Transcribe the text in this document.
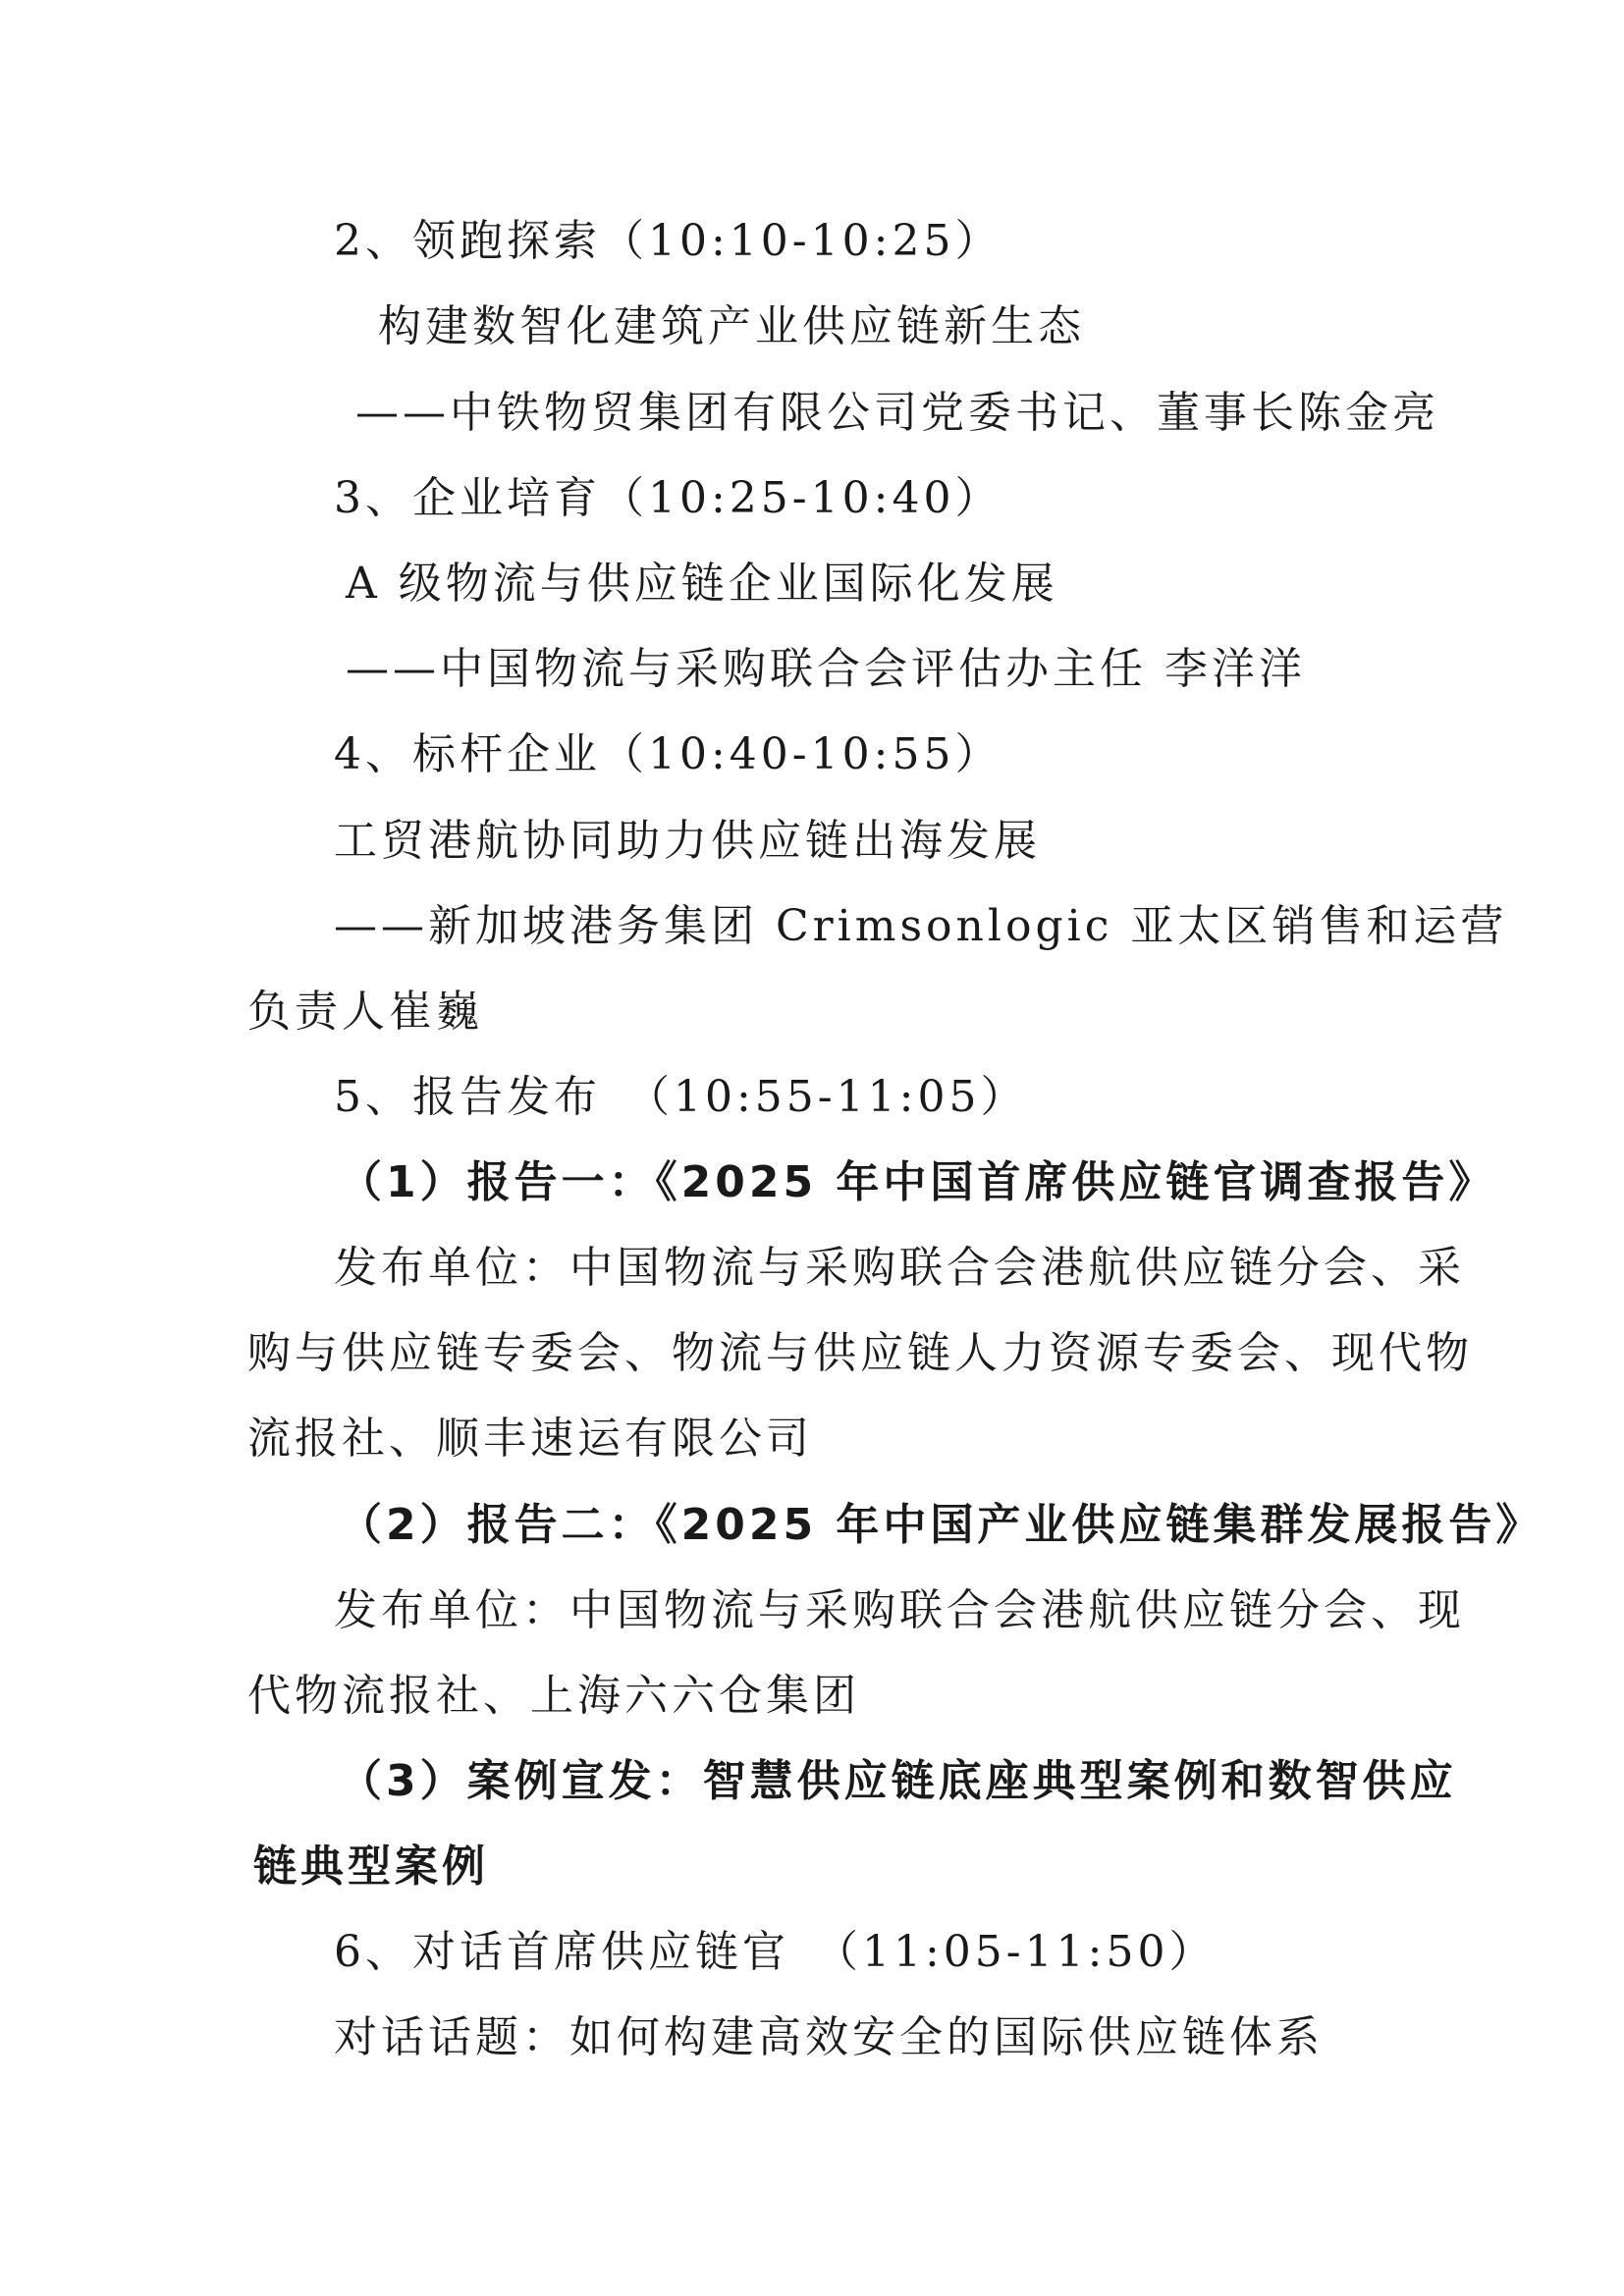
2、领跑探索（10:10-10:25）
构建数智化建筑产业供应链新生态
——中铁物贸集团有限公司党委书记、董事长陈金亮
3、企业培育（10:25-10:40）
A 级物流与供应链企业国际化发展
——中国物流与采购联合会评估办主任 李洋洋
4、标杆企业（10:40-10:55）
工贸港航协同助力供应链出海发展
——新加坡港务集团 Crimsonlogic 亚太区销售和运营
负责人崔巍
5、报告发布　（10:55-11:05）
（1）报告一：《2025 年中国首席供应链官调查报告》
发布单位：中国物流与采购联合会港航供应链分会、采
购与供应链专委会、物流与供应链人力资源专委会、现代物
流报社、顺丰速运有限公司
（2）报告二：《2025 年中国产业供应链集群发展报告》
发布单位：中国物流与采购联合会港航供应链分会、现
代物流报社、上海六六仓集团
（3）案例宣发：智慧供应链底座典型案例和数智供应
链典型案例
6、对话首席供应链官　（11:05-11:50）
对话话题：如何构建高效安全的国际供应链体系
